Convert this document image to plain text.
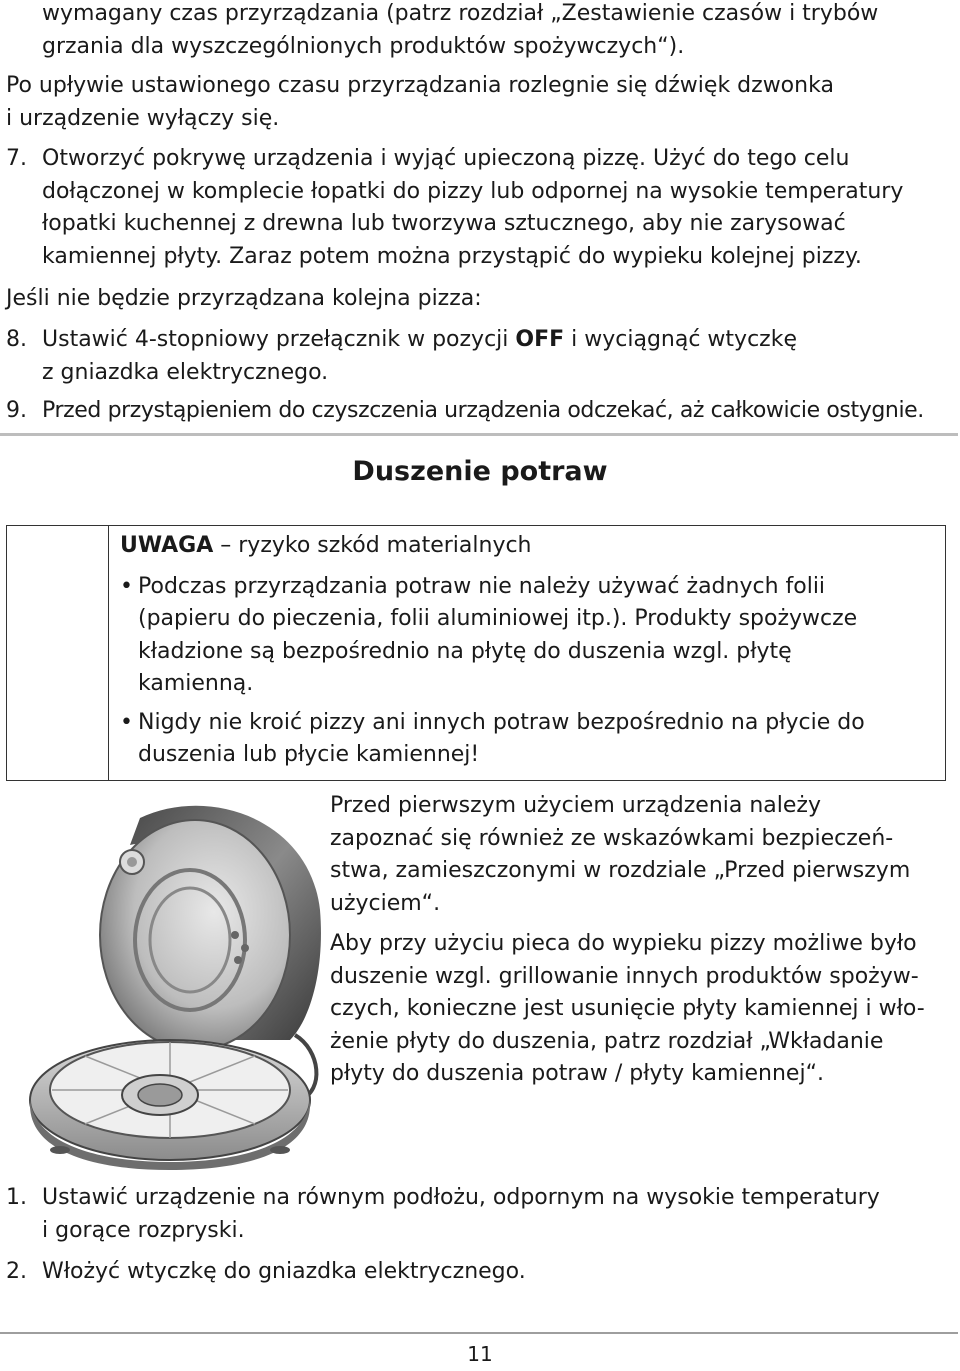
wymagany czas przyrządzania (patrz rozdział „Zestawienie czasów i trybów
grzania dla wyszczególnionych produktów spożywczych“).
Po upływie ustawionego czasu przyrządzania rozlegnie się dźwięk dzwonka
i urządzenie wyłączy się.
7. Otworzyć pokrywę urządzenia i wyjąć upieczoną pizzę. Użyć do tego celu
dołączonej w komplecie łopatki do pizzy lub odpornej na wysokie temperatury
łopatki kuchennej z drewna lub tworzywa sztucznego, aby nie zarysować
kamiennej płyty. Zaraz potem można przystąpić do wypieku kolejnej pizzy.
Jeśli nie będzie przyrządzana kolejna pizza:
8. Ustawić 4-stopniowy przełącznik w pozycji OFF i wyciągnąć wtyczkę
z gniazdka elektrycznego.
9. Przed przystąpieniem do czyszczenia urządzenia odczekać, aż całkowicie ostygnie.
Duszenie potraw
UWAGA – ryzyko szkód materialnych
• Podczas przyrządzania potraw nie należy używać żadnych folii
(papieru do pieczenia, folii aluminiowej itp.). Produkty spożywcze
kładzione są bezpośrednio na płytę do duszenia wzgl. płytę
kamienną.
• Nigdy nie kroić pizzy ani innych potraw bezpośrednio na płycie do
duszenia lub płycie kamiennej!
Przed pierwszym użyciem urządzenia należy
zapoznać się również ze wskazówkami bezpieczeń-
stwa, zamieszczonymi w rozdziale „Przed pierwszym
użyciem“.
Aby przy użyciu pieca do wypieku pizzy możliwe było
duszenie wzgl. grillowanie innych produktów spożyw-
czych, konieczne jest usunięcie płyty kamiennej i wło-
żenie płyty do duszenia, patrz rozdział „Wkładanie
płyty do duszenia potraw / płyty kamiennej“.
1. Ustawić urządzenie na równym podłożu, odpornym na wysokie temperatury
i gorące rozpryski.
2. Włożyć wtyczkę do gniazdka elektrycznego.
11
